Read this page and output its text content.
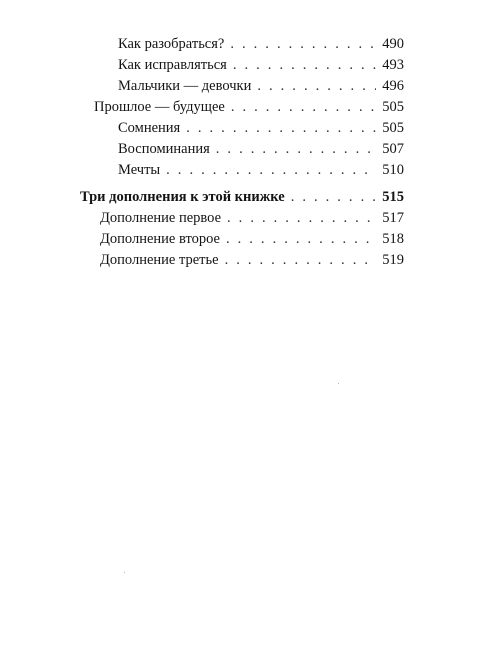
Как разобраться? . . .	490
Как исправляться . . .	493
Мальчики — девочки . . .	496
Прошлое — будущее . . .	505
Сомнения . . .	505
Воспоминания . . .	507
Мечты . . .	510
Три дополнения к этой книжке . . .	515
Дополнение первое . . .	517
Дополнение второе . . .	518
Дополнение третье . . .	519
